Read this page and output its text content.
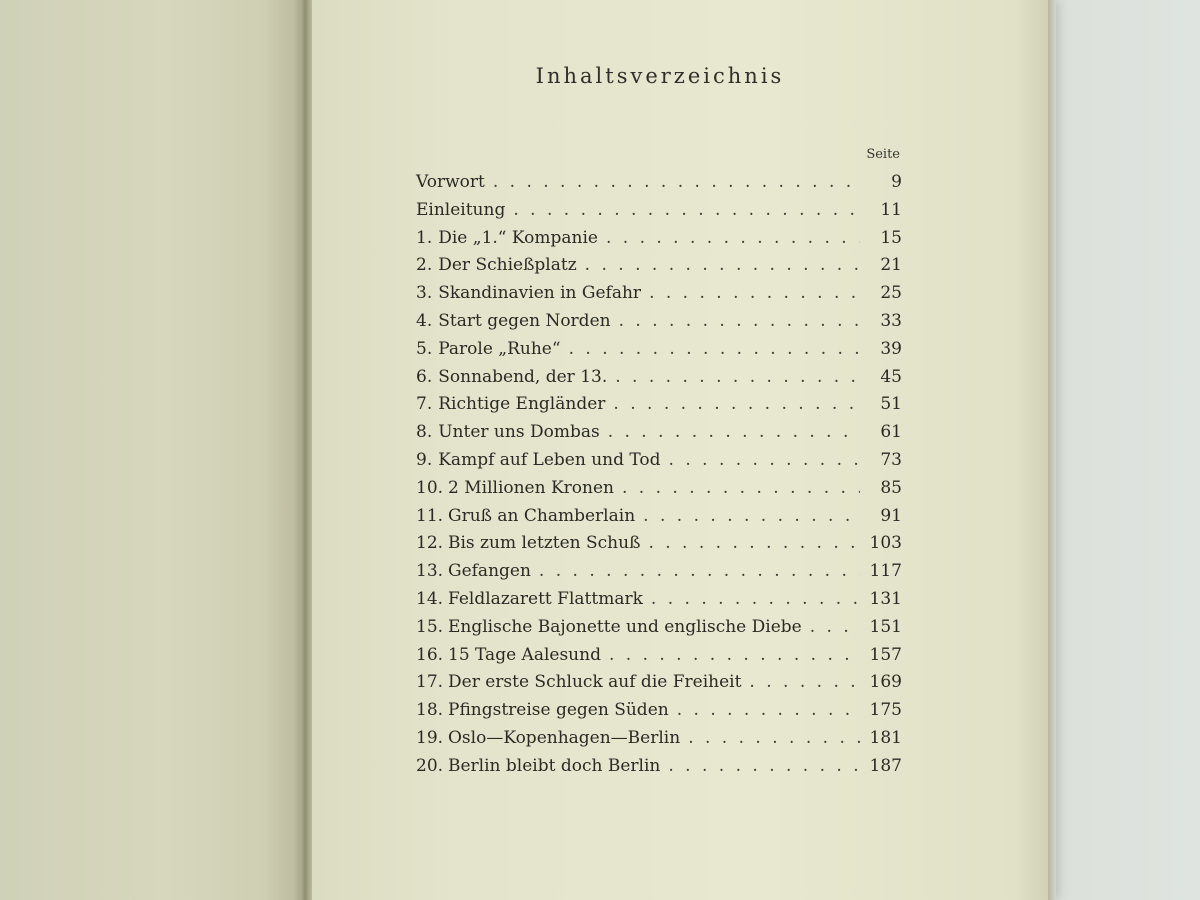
Inhaltsverzeichnis
Seite
Vorwort . . .	9
Einleitung . . .	11
1. Die „1.“ Kompanie . . .	15
2. Der Schießplatz . . .	21
3. Skandinavien in Gefahr . . .	25
4. Start gegen Norden . . .	33
5. Parole „Ruhe“ . . .	39
6. Sonnabend, der 13. . . .	45
7. Richtige Engländer . . .	51
8. Unter uns Dombas . . .	61
9. Kampf auf Leben und Tod . . .	73
10. 2 Millionen Kronen . . .	85
11. Gruß an Chamberlain . . .	91
12. Bis zum letzten Schuß . . .	103
13. Gefangen . . .	117
14. Feldlazarett Flattmark . . .	131
15. Englische Bajonette und englische Diebe . . .	151
16. 15 Tage Aalesund . . .	157
17. Der erste Schluck auf die Freiheit . . .	169
18. Pfingstreise gegen Süden . . .	175
19. Oslo—Kopenhagen—Berlin . . .	181
20. Berlin bleibt doch Berlin . . .	187
